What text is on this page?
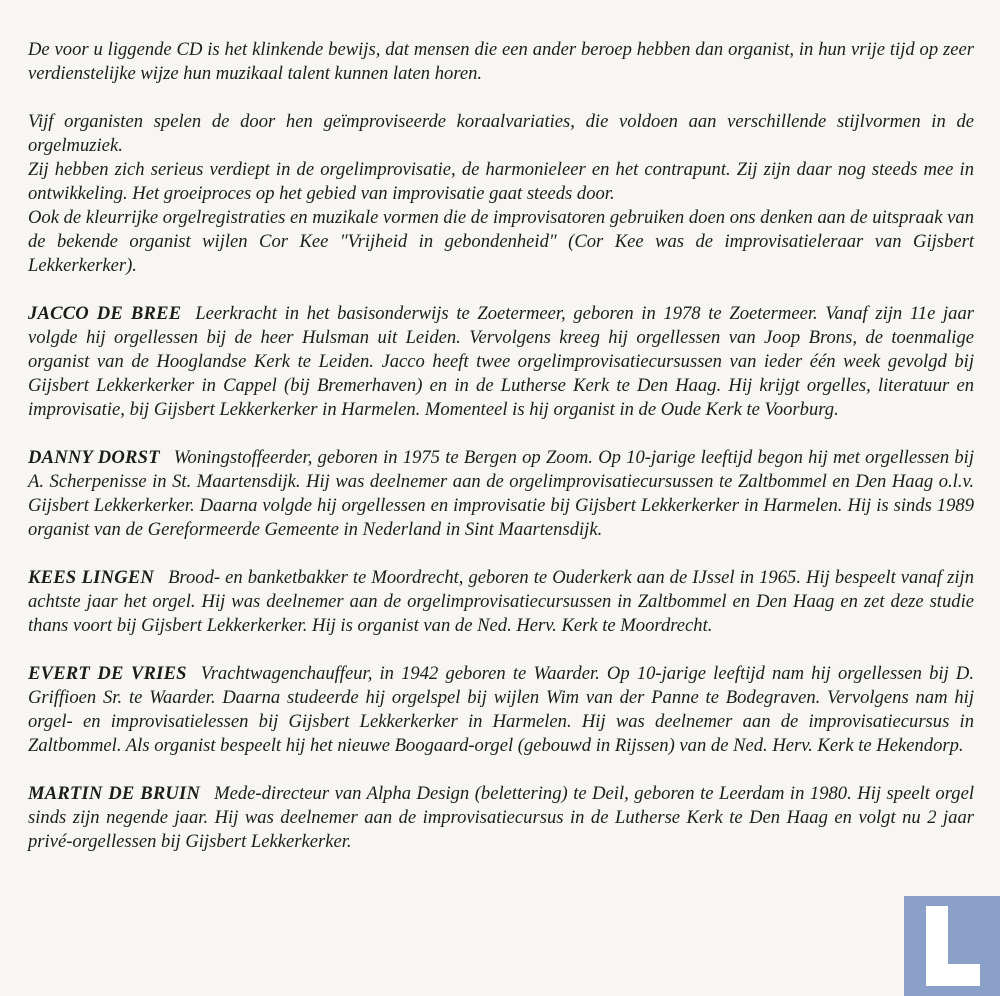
De voor u liggende CD is het klinkende bewijs, dat mensen die een ander beroep hebben dan organist, in hun vrije tijd op zeer verdienstelijke wijze hun muzikaal talent kunnen laten horen.

Vijf organisten spelen de door hen geïmproviseerde koraalvariaties, die voldoen aan verschillende stijlvormen in de orgelmuziek.

Zij hebben zich serieus verdiept in de orgelimprovisatie, de harmonieleer en het contrapunt. Zij zijn daar nog steeds mee in ontwikkeling. Het groeiproces op het gebied van improvisatie gaat steeds door.

Ook de kleurrijke orgelregistraties en muzikale vormen die de improvisatoren gebruiken doen ons denken aan de uitspraak van de bekende organist wijlen Cor Kee "Vrijheid in gebondenheid" (Cor Kee was de improvisatieleraar van Gijsbert Lekkerkerker).

JACCO DE BREE Leerkracht in het basisonderwijs te Zoetermeer, geboren in 1978 te Zoetermeer. Vanaf zijn 11e jaar volgde hij orgellessen bij de heer Hulsman uit Leiden. Vervolgens kreeg hij orgellessen van Joop Brons, de toenmalige organist van de Hooglandse Kerk te Leiden. Jacco heeft twee orgelimprovisatiecursussen van ieder één week gevolgd bij Gijsbert Lekkerkerker in Cappel (bij Bremerhaven) en in de Lutherse Kerk te Den Haag. Hij krijgt orgelles, literatuur en improvisatie, bij Gijsbert Lekkerkerker in Harmelen. Momenteel is hij organist in de Oude Kerk te Voorburg.

DANNY DORST Woningstoffeerder, geboren in 1975 te Bergen op Zoom. Op 10-jarige leeftijd begon hij met orgellessen bij A. Scherpenisse in St. Maartensdijk. Hij was deelnemer aan de orgelimprovisatiecursussen te Zaltbommel en Den Haag o.l.v. Gijsbert Lekkerkerker. Daarna volgde hij orgellessen en improvisatie bij Gijsbert Lekkerkerker in Harmelen. Hij is sinds 1989 organist van de Gereformeerde Gemeente in Nederland in Sint Maartensdijk.

KEES LINGEN Brood- en banketbakker te Moordrecht, geboren te Ouderkerk aan de IJssel in 1965. Hij bespeelt vanaf zijn achtste jaar het orgel. Hij was deelnemer aan de orgelimprovisatiecursussen in Zaltbommel en Den Haag en zet deze studie thans voort bij Gijsbert Lekkerkerker. Hij is organist van de Ned. Herv. Kerk te Moordrecht.

EVERT DE VRIES Vrachtwagenchauffeur, in 1942 geboren te Waarder. Op 10-jarige leeftijd nam hij orgellessen bij D. Griffioen Sr. te Waarder. Daarna studeerde hij orgelspel bij wijlen Wim van der Panne te Bodegraven. Vervolgens nam hij orgel- en improvisatielessen bij Gijsbert Lekkerkerker in Harmelen. Hij was deelnemer aan de improvisatiecursus in Zaltbommel. Als organist bespeelt hij het nieuwe Boogaard-orgel (gebouwd in Rijssen) van de Ned. Herv. Kerk te Hekendorp.

MARTIN DE BRUIN Mede-directeur van Alpha Design (belettering) te Deil, geboren te Leerdam in 1980. Hij speelt orgel sinds zijn negende jaar. Hij was deelnemer aan de improvisatiecursus in de Lutherse Kerk te Den Haag en volgt nu 2 jaar privé-orgellessen bij Gijsbert Lekkerkerker.
